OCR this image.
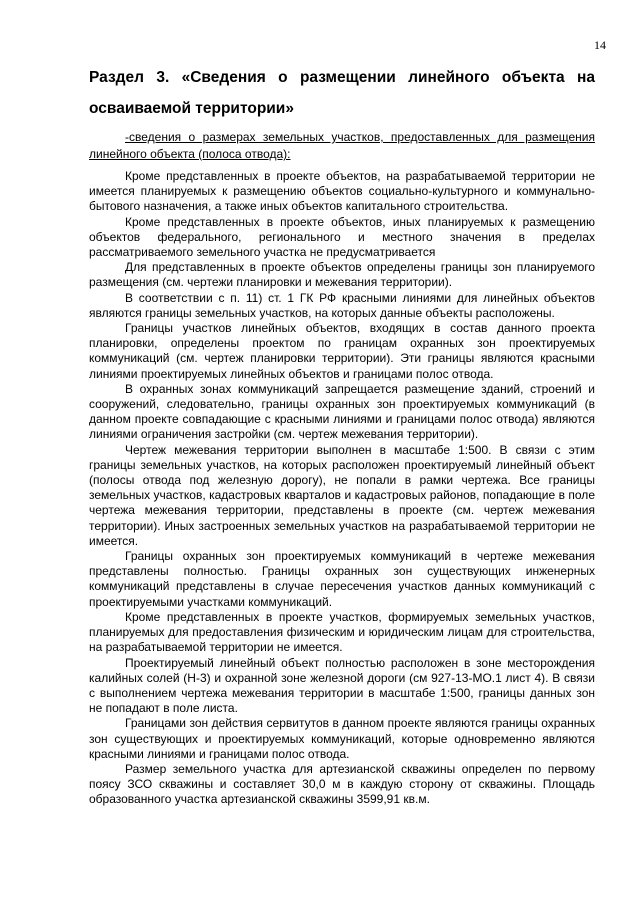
14
Раздел 3. «Сведения о размещении линейного объекта на осваиваемой территории»

-сведения о размерах земельных участков, предоставленных для размещения линейного объекта (полоса отвода):

Кроме представленных в проекте объектов, на разрабатываемой территории не имеется планируемых к размещению объектов социально-культурного и коммунально-бытового назначения, а также иных объектов капитального строительства.

Кроме представленных в проекте объектов, иных планируемых к размещению объектов федерального, регионального и местного значения в пределах рассматриваемого земельного участка не предусматривается

Для представленных в проекте объектов определены границы зон планируемого размещения (см. чертежи планировки и межевания территории).

В соответствии с п. 11) ст. 1 ГК РФ красными линиями для линейных объектов являются границы земельных участков, на которых данные объекты расположены.

Границы участков линейных объектов, входящих в состав данного проекта планировки, определены проектом по границам охранных зон проектируемых коммуникаций (см. чертеж планировки территории). Эти границы являются красными линиями проектируемых линейных объектов и границами полос отвода.

В охранных зонах коммуникаций запрещается размещение зданий, строений и сооружений, следовательно, границы охранных зон проектируемых коммуникаций (в данном проекте совпадающие с красными линиями и границами полос отвода) являются линиями ограничения застройки (см. чертеж межевания территории).

Чертеж межевания территории выполнен в масштабе 1:500. В связи с этим границы земельных участков, на которых расположен проектируемый линейный объект (полосы отвода под железную дорогу), не попали в рамки чертежа. Все границы земельных участков, кадастровых кварталов и кадастровых районов, попадающие в поле чертежа межевания территории, представлены в проекте (см. чертеж межевания территории). Иных застроенных земельных участков на разрабатываемой территории не имеется.

Границы охранных зон проектируемых коммуникаций в чертеже межевания представлены полностью. Границы охранных зон существующих инженерных коммуникаций представлены в случае пересечения участков данных коммуникаций с проектируемыми участками коммуникаций.

Кроме представленных в проекте участков, формируемых земельных участков, планируемых для предоставления физическим и юридическим лицам для строительства, на разрабатываемой территории не имеется.

Проектируемый линейный объект полностью расположен в зоне месторождения калийных солей (Н-3) и охранной зоне железной дороги (см 927-13-МО.1 лист 4). В связи с выполнением чертежа межевания территории в масштабе 1:500, границы данных зон не попадают в поле листа.

Границами зон действия сервитутов в данном проекте являются границы охранных зон существующих и проектируемых коммуникаций, которые одновременно являются красными линиями и границами полос отвода.

Размер земельного участка для артезианской скважины определен по первому поясу ЗСО скважины и составляет 30,0 м в каждую сторону от скважины. Площадь образованного участка артезианской скважины 3599,91 кв.м.
